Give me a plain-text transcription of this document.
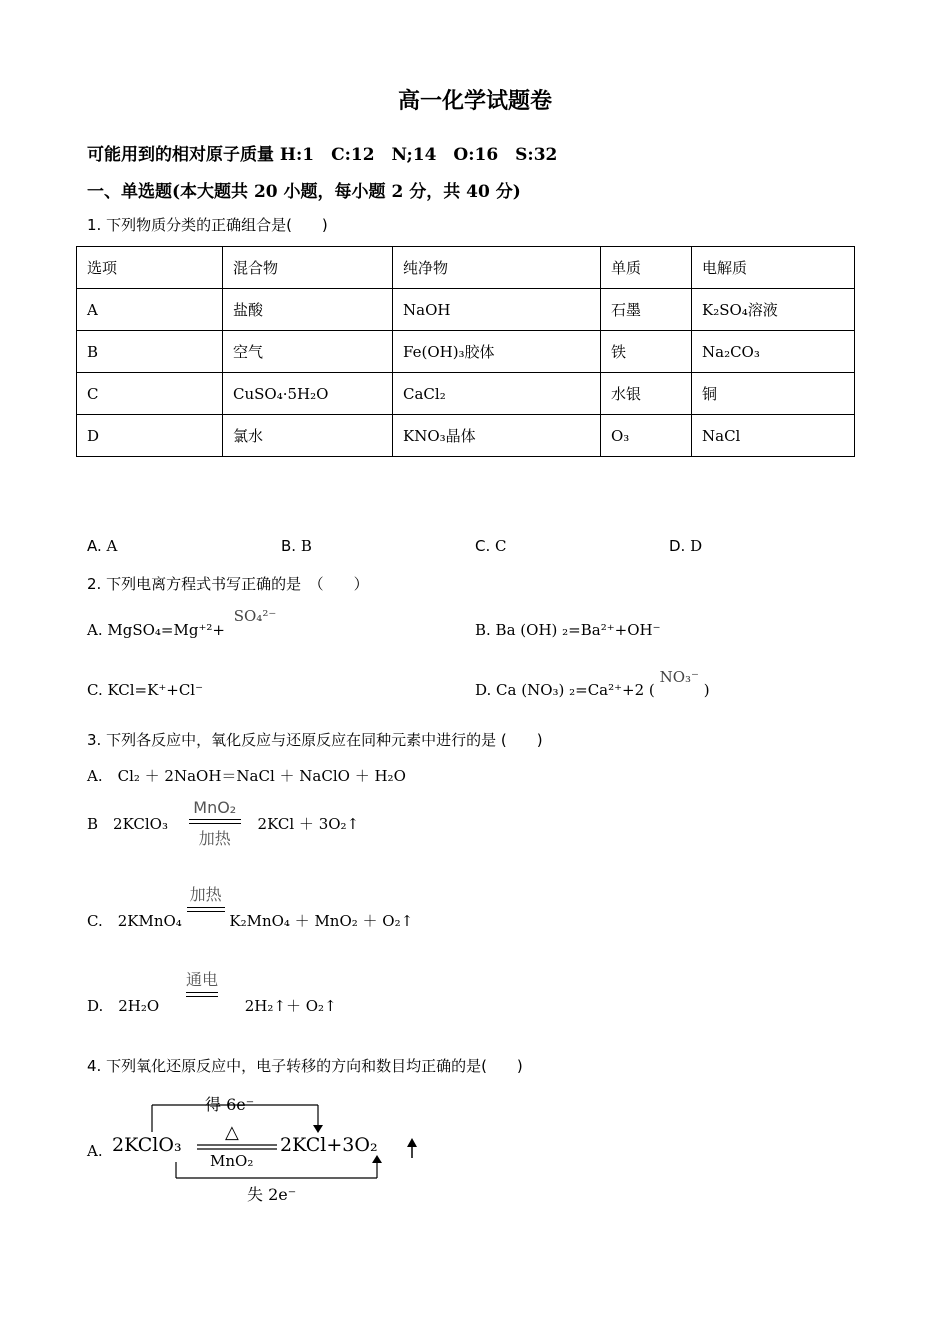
高一化学试题卷
可能用到的相对原子质量 H:1　C:12　N;14　O:16　S:32
一、单选题(本大题共 20 小题，每小题 2 分，共 40 分)
1. 下列物质分类的正确组合是(　　)
选项	混合物	纯净物	单质	电解质
A	盐酸	NaOH	石墨	K₂SO₄溶液
B	空气	Fe(OH)₃胶体	铁	Na₂CO₃
C	CuSO₄·5H₂O	CaCl₂	水银	铜
D	氯水	KNO₃晶体	O₃	NaCl
A. A	B. B	C. C	D. D
2. 下列电离方程式书写正确的是　（　　）
A. MgSO₄=Mg⁺²+ SO₄²⁻
B. Ba (OH) ₂=Ba²⁺+OH⁻
C. KCl=K⁺+Cl⁻	D. Ca (NO₃) ₂=Ca²⁺+2 ( NO₃⁻ )
3. 下列各反应中，氧化反应与还原反应在同种元素中进行的是 (　　)
A.　Cl₂ ＋ 2NaOH＝NaCl ＋ NaClO ＋ H₂O
B　2KClO₃
MnO₂
加热
2KCl ＋ 3O₂↑
C.　2KMnO₄
加热
K₂MnO₄ ＋ MnO₂ ＋ O₂↑
D.　2H₂O
通电
2H₂↑＋ O₂↑
4. 下列氧化还原反应中，电子转移的方向和数目均正确的是(　　)
A.
得 6e⁻
2KClO₃
△
MnO₂
2KCl+3O₂
失 2e⁻
